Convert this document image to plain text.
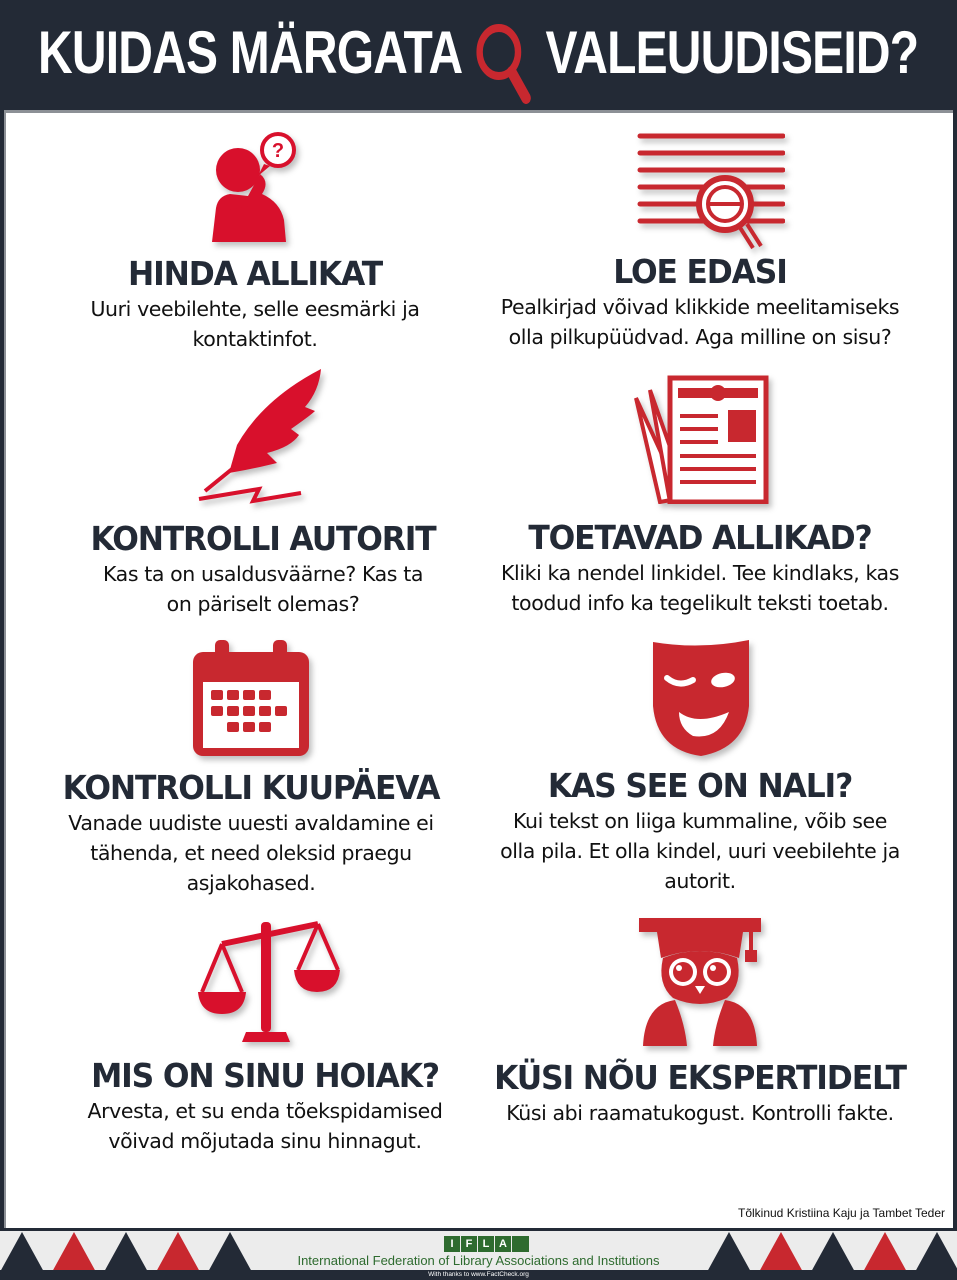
KUIDAS MÄRGATA VALEUUDISEID?
?
HINDA ALLIKAT

Uuri veebilehte, selle eesmärki ja kontaktinfot.

LOE EDASI

Pealkirjad võivad klikkide meelitamiseks olla pilkupüüdvad. Aga milline on sisu?

KONTROLLI AUTORIT

Kas ta on usaldusväärne? Kas ta on päriselt olemas?

TOETAVAD ALLIKAD?

Kliki ka nendel linkidel. Tee kindlaks, kas toodud info ka tegelikult teksti toetab.

KONTROLLI KUUPÄEVA

Vanade uudiste uuesti avaldamine ei tähenda, et need oleksid praegu asjakohased.

KAS SEE ON NALI?

Kui tekst on liiga kummaline, võib see olla pila. Et olla kindel, uuri veebilehte ja autorit.

MIS ON SINU HOIAK?

Arvesta, et su enda tõekspidamised võivad mõjutada sinu hinnagut.

KÜSI NÕU EKSPERTIDELT

Küsi abi raamatukogust. Kontrolli fakte.

Tõlkinud Kristiina Kaju ja Tambet Teder
I	F L A
International Federation of Library Associations and Institutions
With thanks to www.FactCheck.org
